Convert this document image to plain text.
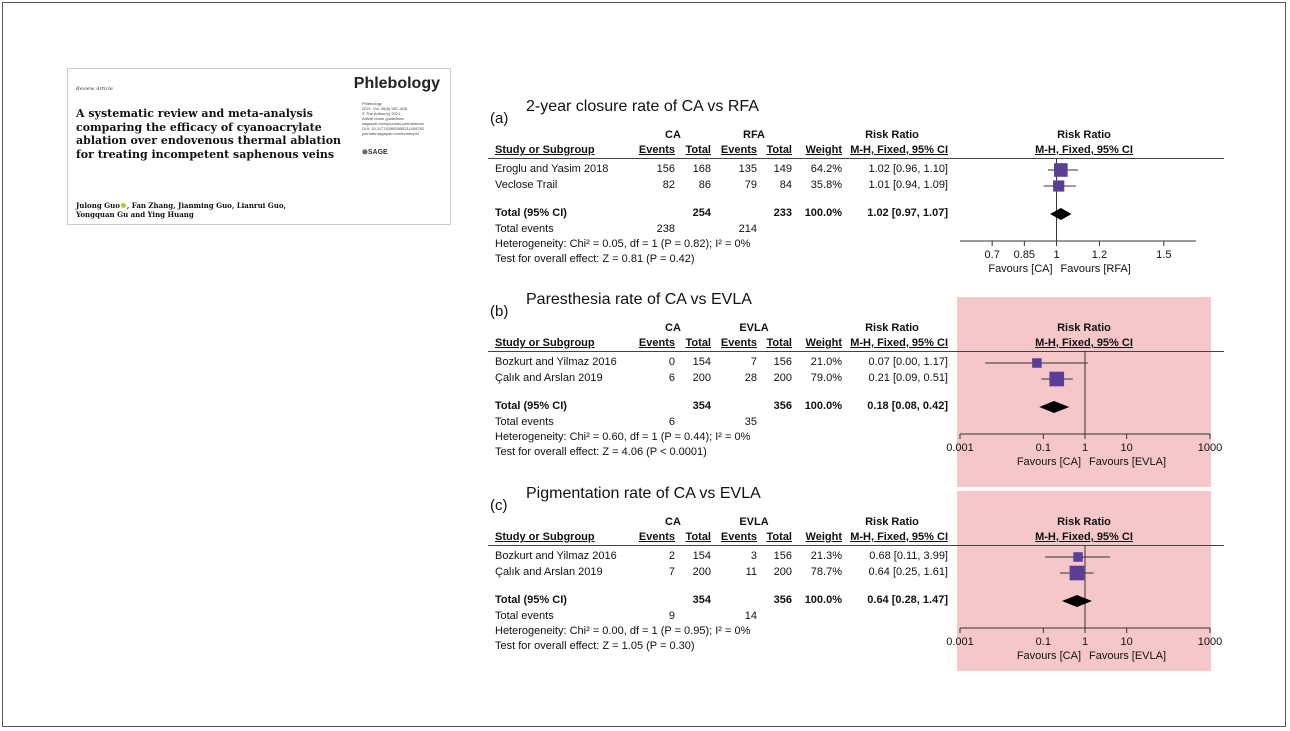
Review Article	Phlebology
A systematic review and meta-analysis comparing the efficacy of cyanoacrylate ablation over endovenous thermal ablation for treating incompetent saphenous veins
Phlebology
2021, Vol. 36(8) 597–608
© The Author(s) 2021
Article reuse guidelines:
sagepub.com/journals-permissions
DOI: 10.1177/02683555211008762
journals.sagepub.com/home/phl
⊛SAGE
Julong Guo , Fan Zhang, Jianming Guo, Lianrui Guo,
Yongquan Gu and Ying Huang
(a)
2-year closure rate of CA vs RFA
CA	RFA	Risk Ratio	Risk Ratio
Study or Subgroup	Events Total Events Total Weight M-H, Fixed, 95% CI	M-H, Fixed, 95% CI
Eroglu and Yasim 2018	156 168	135 149 64.2% 1.02 [0.96, 1.10]
Veclose Trail	82 86	79 84 35.8% 1.01 [0.94, 1.09]
Total (95% CI)	254	233 100.0% 1.02 [0.97, 1.07]
Total events	238	214
Heterogeneity: Chi² = 0.05, df = 1 (P = 0.82); I² = 0%
Test for overall effect: Z = 0.81 (P = 0.42)	0.7 0.85 1	1.2	1.5
Favours [CA] Favours [RFA]
(b)
Paresthesia rate of CA vs EVLA
CA	EVLA	Risk Ratio	Risk Ratio
Study or Subgroup	Events Total Events Total Weight M-H, Fixed, 95% CI	M-H, Fixed, 95% CI
Bozkurt and Yilmaz 2016	0 154	7 156 21.0% 0.07 [0.00, 1.17]
Çalık and Arslan 2019	6 200	28 200 79.0% 0.21 [0.09, 0.51]
Total (95% CI)	354	356 100.0% 0.18 [0.08, 0.42]
Total events	6	35
Heterogeneity: Chi² = 0.60, df = 1 (P = 0.44); I² = 0%
Test for overall effect: Z = 4.06 (P < 0.0001)	0.001	0.1	1	10	1000
Favours [CA] Favours [EVLA]
(c)
Pigmentation rate of CA vs EVLA
CA	EVLA	Risk Ratio	Risk Ratio
Study or Subgroup	Events Total Events Total Weight M-H, Fixed, 95% CI	M-H, Fixed, 95% CI
Bozkurt and Yilmaz 2016	2 154	3 156 21.3% 0.68 [0.11, 3.99]
Çalık and Arslan 2019	7 200	11 200 78.7% 0.64 [0.25, 1.61]
Total (95% CI)	354	356 100.0% 0.64 [0.28, 1.47]
Total events	9	14
Heterogeneity: Chi² = 0.00, df = 1 (P = 0.95); I² = 0%
Test for overall effect: Z = 1.05 (P = 0.30)	0.001	0.1	1	10	1000
Favours [CA] Favours [EVLA]
